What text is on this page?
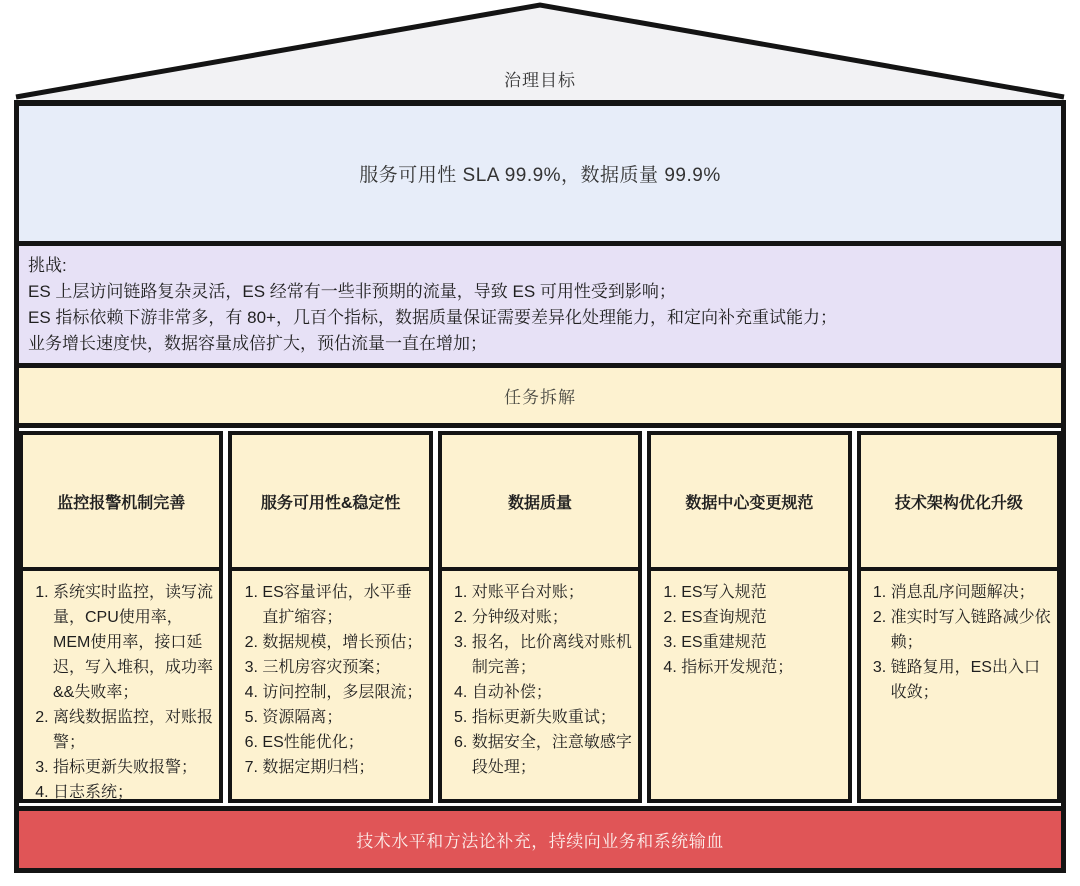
治理目标
服务可用性 SLA 99.9%，数据质量 99.9%
挑战:
ES 上层访问链路复杂灵活，ES 经常有一些非预期的流量，导致 ES 可用性受到影响；
ES 指标依赖下游非常多，有 80+，几百个指标，数据质量保证需要差异化处理能力，和定向补充重试能力；
业务增长速度快，数据容量成倍扩大，预估流量一直在增加；
任务拆解
监控报警机制完善
1. 系统实时监控，读写流量，CPU使用率，MEM使用率，接口延迟，写入堆积，成功率&&失败率；
2. 离线数据监控，对账报警；
3. 指标更新失败报警；
4. 日志系统；
服务可用性&稳定性
1. ES容量评估，水平垂直扩缩容；
2. 数据规模，增长预估；
3. 三机房容灾预案；
4. 访问控制，多层限流；
5. 资源隔离；
6. ES性能优化；
7. 数据定期归档；
数据质量
1. 对账平台对账；
2. 分钟级对账；
3. 报名，比价离线对账机制完善；
4. 自动补偿；
5. 指标更新失败重试；
6. 数据安全，注意敏感字段处理；
数据中心变更规范
1. ES写入规范
2. ES查询规范
3. ES重建规范
4. 指标开发规范；
技术架构优化升级
1. 消息乱序问题解决；
2. 准实时写入链路减少依赖；
3. 链路复用，ES出入口收敛；
技术水平和方法论补充，持续向业务和系统输血
